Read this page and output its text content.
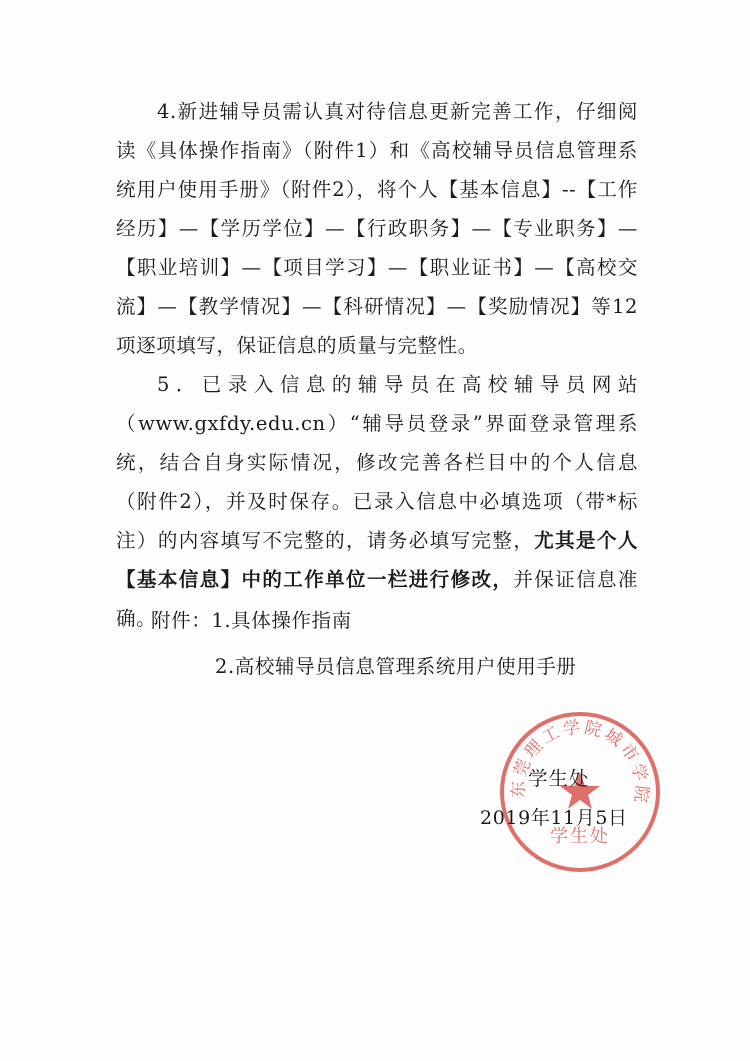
4.新进辅导员需认真对待信息更新完善工作，仔细阅读《具体操作指南》（附件1）和《高校辅导员信息管理系统用户使用手册》（附件2），将个人【基本信息】--【工作经历】—【学历学位】—【行政职务】—【专业职务】—【职业培训】—【项目学习】—【职业证书】—【高校交流】—【教学情况】—【科研情况】—【奖励情况】等12项逐项填写，保证信息的质量与完整性。

5．已录入信息的辅导员在高校辅导员网站（www.gxfdy.edu.cn）“辅导员登录”界面登录管理系统，结合自身实际情况，修改完善各栏目中的个人信息（附件2），并及时保存。已录入信息中必填选项（带*标注）的内容填写不完整的，请务必填写完整，尤其是个人【基本信息】中的工作单位一栏进行修改，并保证信息准确。

附件：1.具体操作指南
2.高校辅导员信息管理系统用户使用手册
东莞理工学院城市学院
学生处
学生处
2019年11月5日
